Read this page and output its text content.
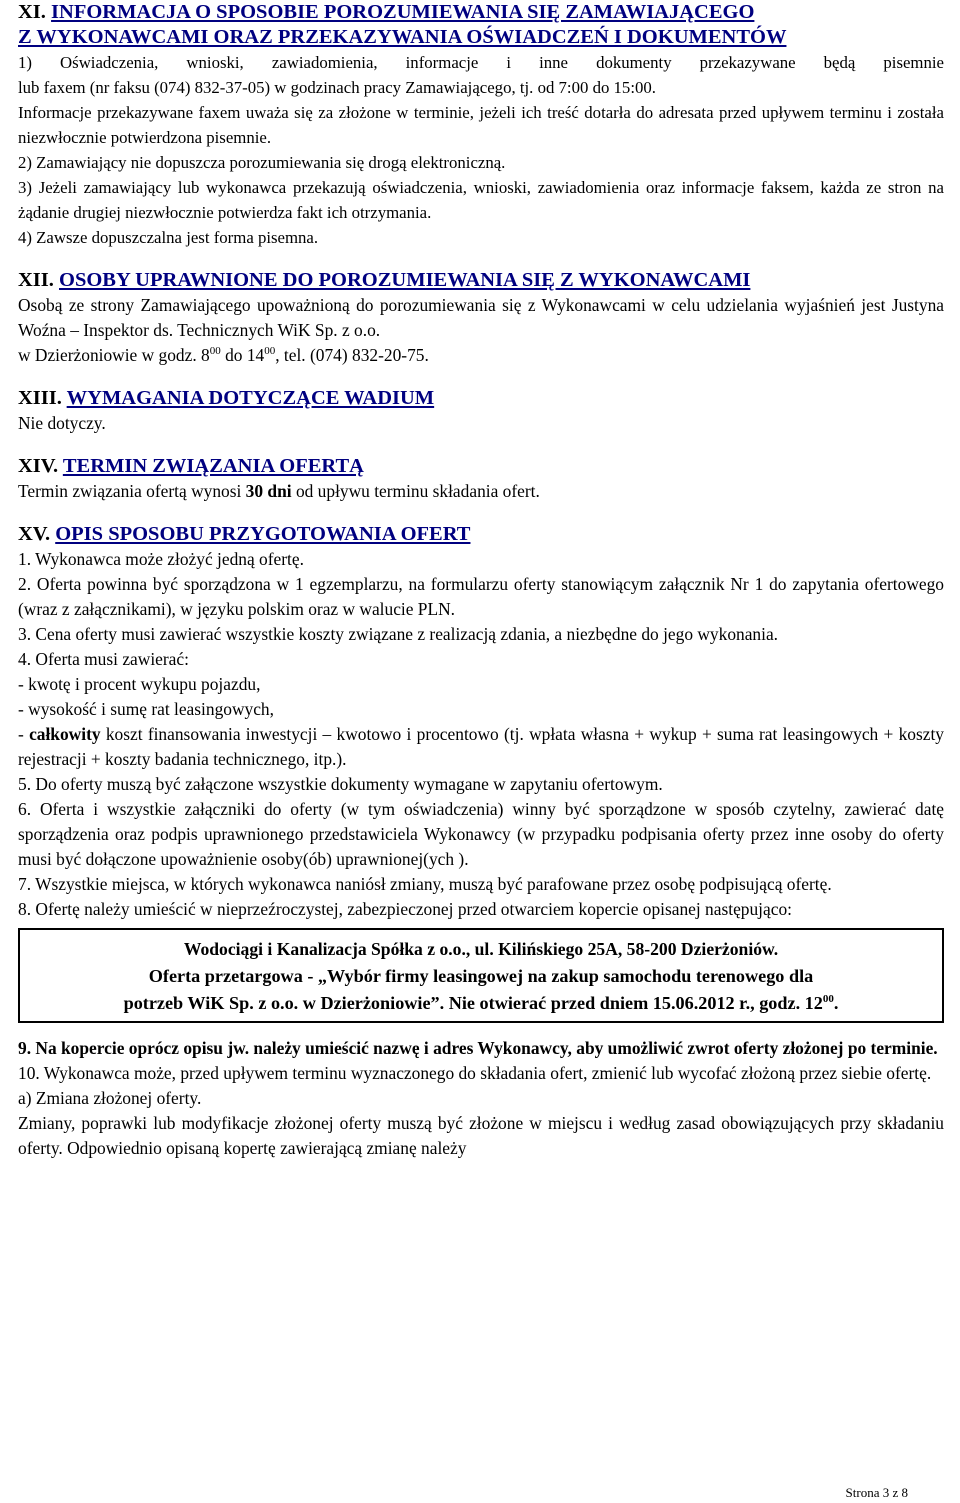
XI. INFORMACJA O SPOSOBIE POROZUMIEWANIA SIĘ ZAMAWIAJĄCEGO

Z WYKONAWCAMI ORAZ PRZEKAZYWANIA OŚWIADCZEŃ I DOKUMENTÓW

1) Oświadczenia, wnioski, zawiadomienia, informacje i inne dokumenty przekazywane będą pisemnie

lub faxem (nr faksu (074) 832-37-05) w godzinach pracy Zamawiającego, tj. od 7:00 do 15:00.

Informacje przekazywane faxem uważa się za złożone w terminie, jeżeli ich treść dotarła do adresata przed upływem terminu i została niezwłocznie potwierdzona pisemnie.

2) Zamawiający nie dopuszcza porozumiewania się drogą elektroniczną.

3) Jeżeli zamawiający lub wykonawca przekazują oświadczenia, wnioski, zawiadomienia oraz informacje faksem, każda ze stron na żądanie drugiej niezwłocznie potwierdza fakt ich otrzymania.

4) Zawsze dopuszczalna jest forma pisemna.

XII. OSOBY UPRAWNIONE DO POROZUMIEWANIA SIĘ Z WYKONAWCAMI

Osobą ze strony Zamawiającego upoważnioną do porozumiewania się z Wykonawcami w celu udzielania wyjaśnień jest Justyna Woźna – Inspektor ds. Technicznych WiK Sp. z o.o.

w Dzierżoniowie w godz. $8^{00}$ do $14^{00}$, tel. (074) 832-20-75.

XIII. WYMAGANIA DOTYCZĄCE WADIUM

Nie dotyczy.

XIV. TERMIN ZWIĄZANIA OFERTĄ

Termin związania ofertą wynosi 30 dni od upływu terminu składania ofert.

XV. OPIS SPOSOBU PRZYGOTOWANIA OFERT

1. Wykonawca może złożyć jedną ofertę.

2. Oferta powinna być sporządzona w 1 egzemplarzu, na formularzu oferty stanowiącym załącznik Nr 1 do zapytania ofertowego (wraz z załącznikami), w języku polskim oraz w walucie PLN.

3. Cena oferty musi zawierać wszystkie koszty związane z realizacją zdania, a niezbędne do jego wykonania.

4. Oferta musi zawierać:

- kwotę i procent wykupu pojazdu,

- wysokość i sumę rat leasingowych,

- całkowity koszt finansowania inwestycji – kwotowo i procentowo (tj. wpłata własna + wykup + suma rat leasingowych + koszty rejestracji + koszty badania technicznego, itp.).

5. Do oferty muszą być załączone wszystkie dokumenty wymagane w zapytaniu ofertowym.

6. Oferta i wszystkie załączniki do oferty (w tym oświadczenia) winny być sporządzone w sposób czytelny, zawierać datę sporządzenia oraz podpis uprawnionego przedstawiciela Wykonawcy (w przypadku podpisania oferty przez inne osoby do oferty musi być dołączone upoważnienie osoby(ób) uprawnionej(ych ).

7. Wszystkie miejsca, w których wykonawca naniósł zmiany, muszą być parafowane przez osobę podpisującą ofertę.

8. Ofertę należy umieścić w nieprzeźroczystej, zabezpieczonej przed otwarciem kopercie opisanej następująco:

Wodociągi i Kanalizacja Spółka z o.o., ul. Kilińskiego 25A, 58-200 Dzierżoniów.
Oferta przetargowa - „Wybór firmy leasingowej na zakup samochodu terenowego dla
potrzeb WiK Sp. z o.o. w Dzierżoniowie”. Nie otwierać przed dniem 15.06.2012 r., godz. $12^{00}$.

9. Na kopercie oprócz opisu jw. należy umieścić nazwę i adres Wykonawcy, aby umożliwić zwrot oferty złożonej po terminie.

10. Wykonawca może, przed upływem terminu wyznaczonego do składania ofert, zmienić lub wycofać złożoną przez siebie ofertę.

a) Zmiana złożonej oferty.

Zmiany, poprawki lub modyfikacje złożonej oferty muszą być złożone w miejscu i według zasad obowiązujących przy składaniu oferty. Odpowiednio opisaną kopertę zawierającą zmianę należy

Strona 3 z 8
